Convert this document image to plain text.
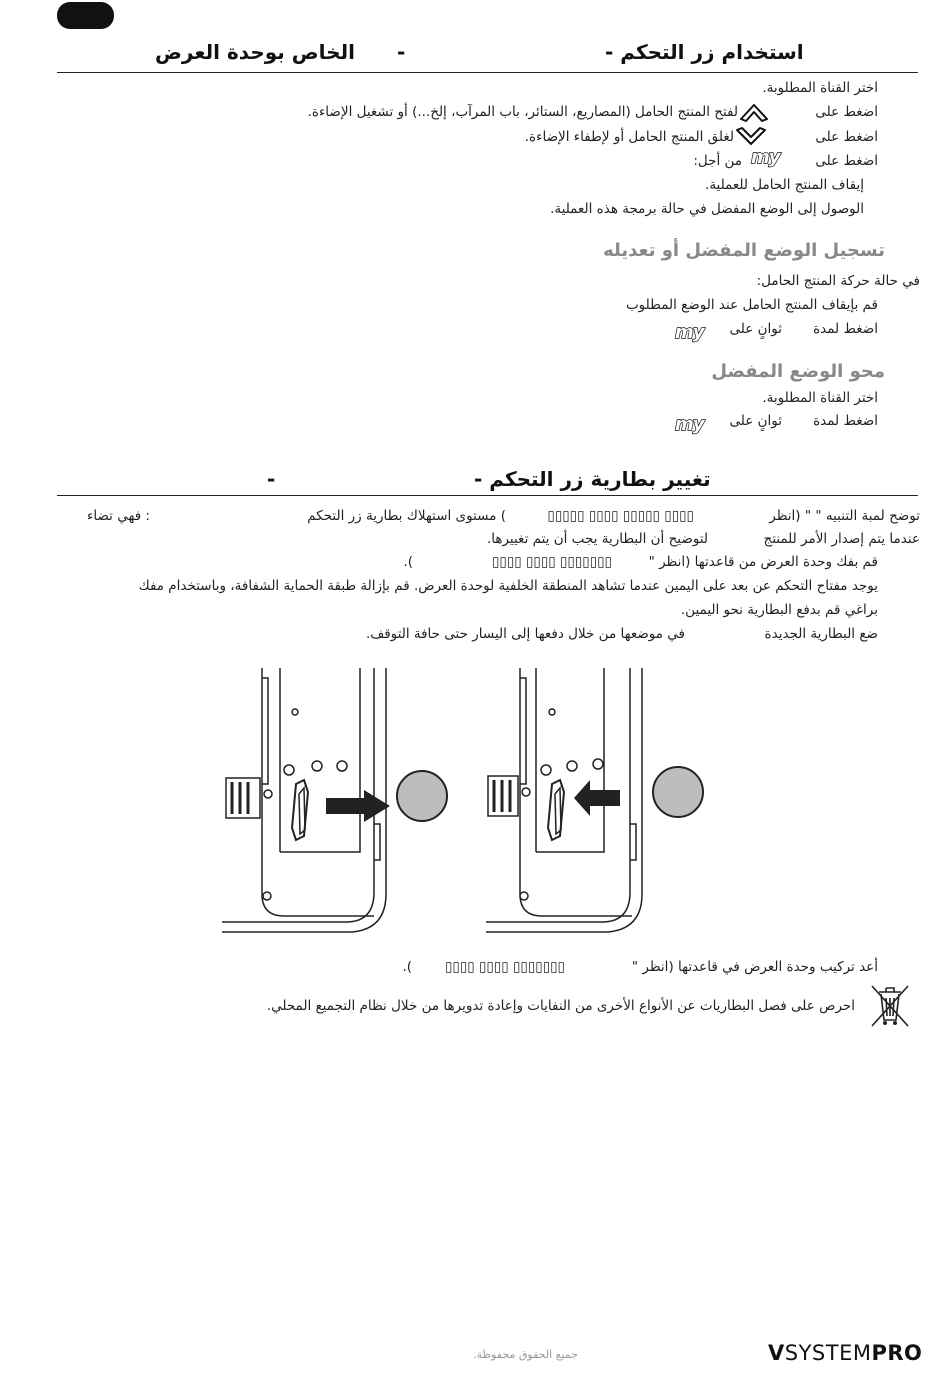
الخاص بوحدة العرض -	استخدام زر التحكم -
اختر القناة المطلوبة.
اضغط على
لفتح المنتج الحامل (المصاريع، الستائر، باب المرآب، إلخ...) أو تشغيل الإضاءة.
اضغط على
لغلق المنتج الحامل أو لإطفاء الإضاءة.
اضغط على
my
من أجل:
إيقاف المنتج الحامل للعملية.
الوصول إلى الوضع المفضل في حالة برمجة هذه العملية.
تسجيل الوضع المفضل أو تعديله
في حالة حركة المنتج الحامل:
قم بإيقاف المنتج الحامل عند الوضع المطلوب
اضغط لمدة
ثوانٍ على
my
محو الوضع المفضل
اختر القناة المطلوبة.
اضغط لمدة
ثوانٍ على
my
-	تغيير بطارية زر التحكم -
توضح لمبة التنبيه " " (انظر
▯▯▯▯ ▯▯▯▯▯ ▯▯▯▯ ▯▯▯▯▯
) مستوى استهلاك بطارية زر التحكم
: فهي تضاء
عندما يتم إصدار الأمر للمنتج
لتوضيح أن البطارية يجب أن يتم تغييرها.
قم بفك وحدة العرض من قاعدتها (انظر "
▯▯▯▯▯▯▯ ▯▯▯▯ ▯▯▯▯
).
يوجد مفتاح التحكم عن بعد على اليمين عندما تشاهد المنطقة الخلفية لوحدة العرض. قم بإزالة طبقة الحماية الشفافة، وباستخدام مفك
براغي قم بدفع البطارية نحو اليمين.
ضع البطارية الجديدة
في
موضعها من خلال دفعها إلى اليسار حتى حافة التوقف.
أعد تركيب وحدة العرض في قاعدتها (انظر "
▯▯▯▯▯▯▯ ▯▯▯▯ ▯▯▯▯
).
احرص على فصل البطاريات عن الأنواع الأخرى من النفايات وإعادة تدويرها من خلال نظام التجميع المحلي.
جميع الحقوق محفوظة.	VSYSTEMPRO
